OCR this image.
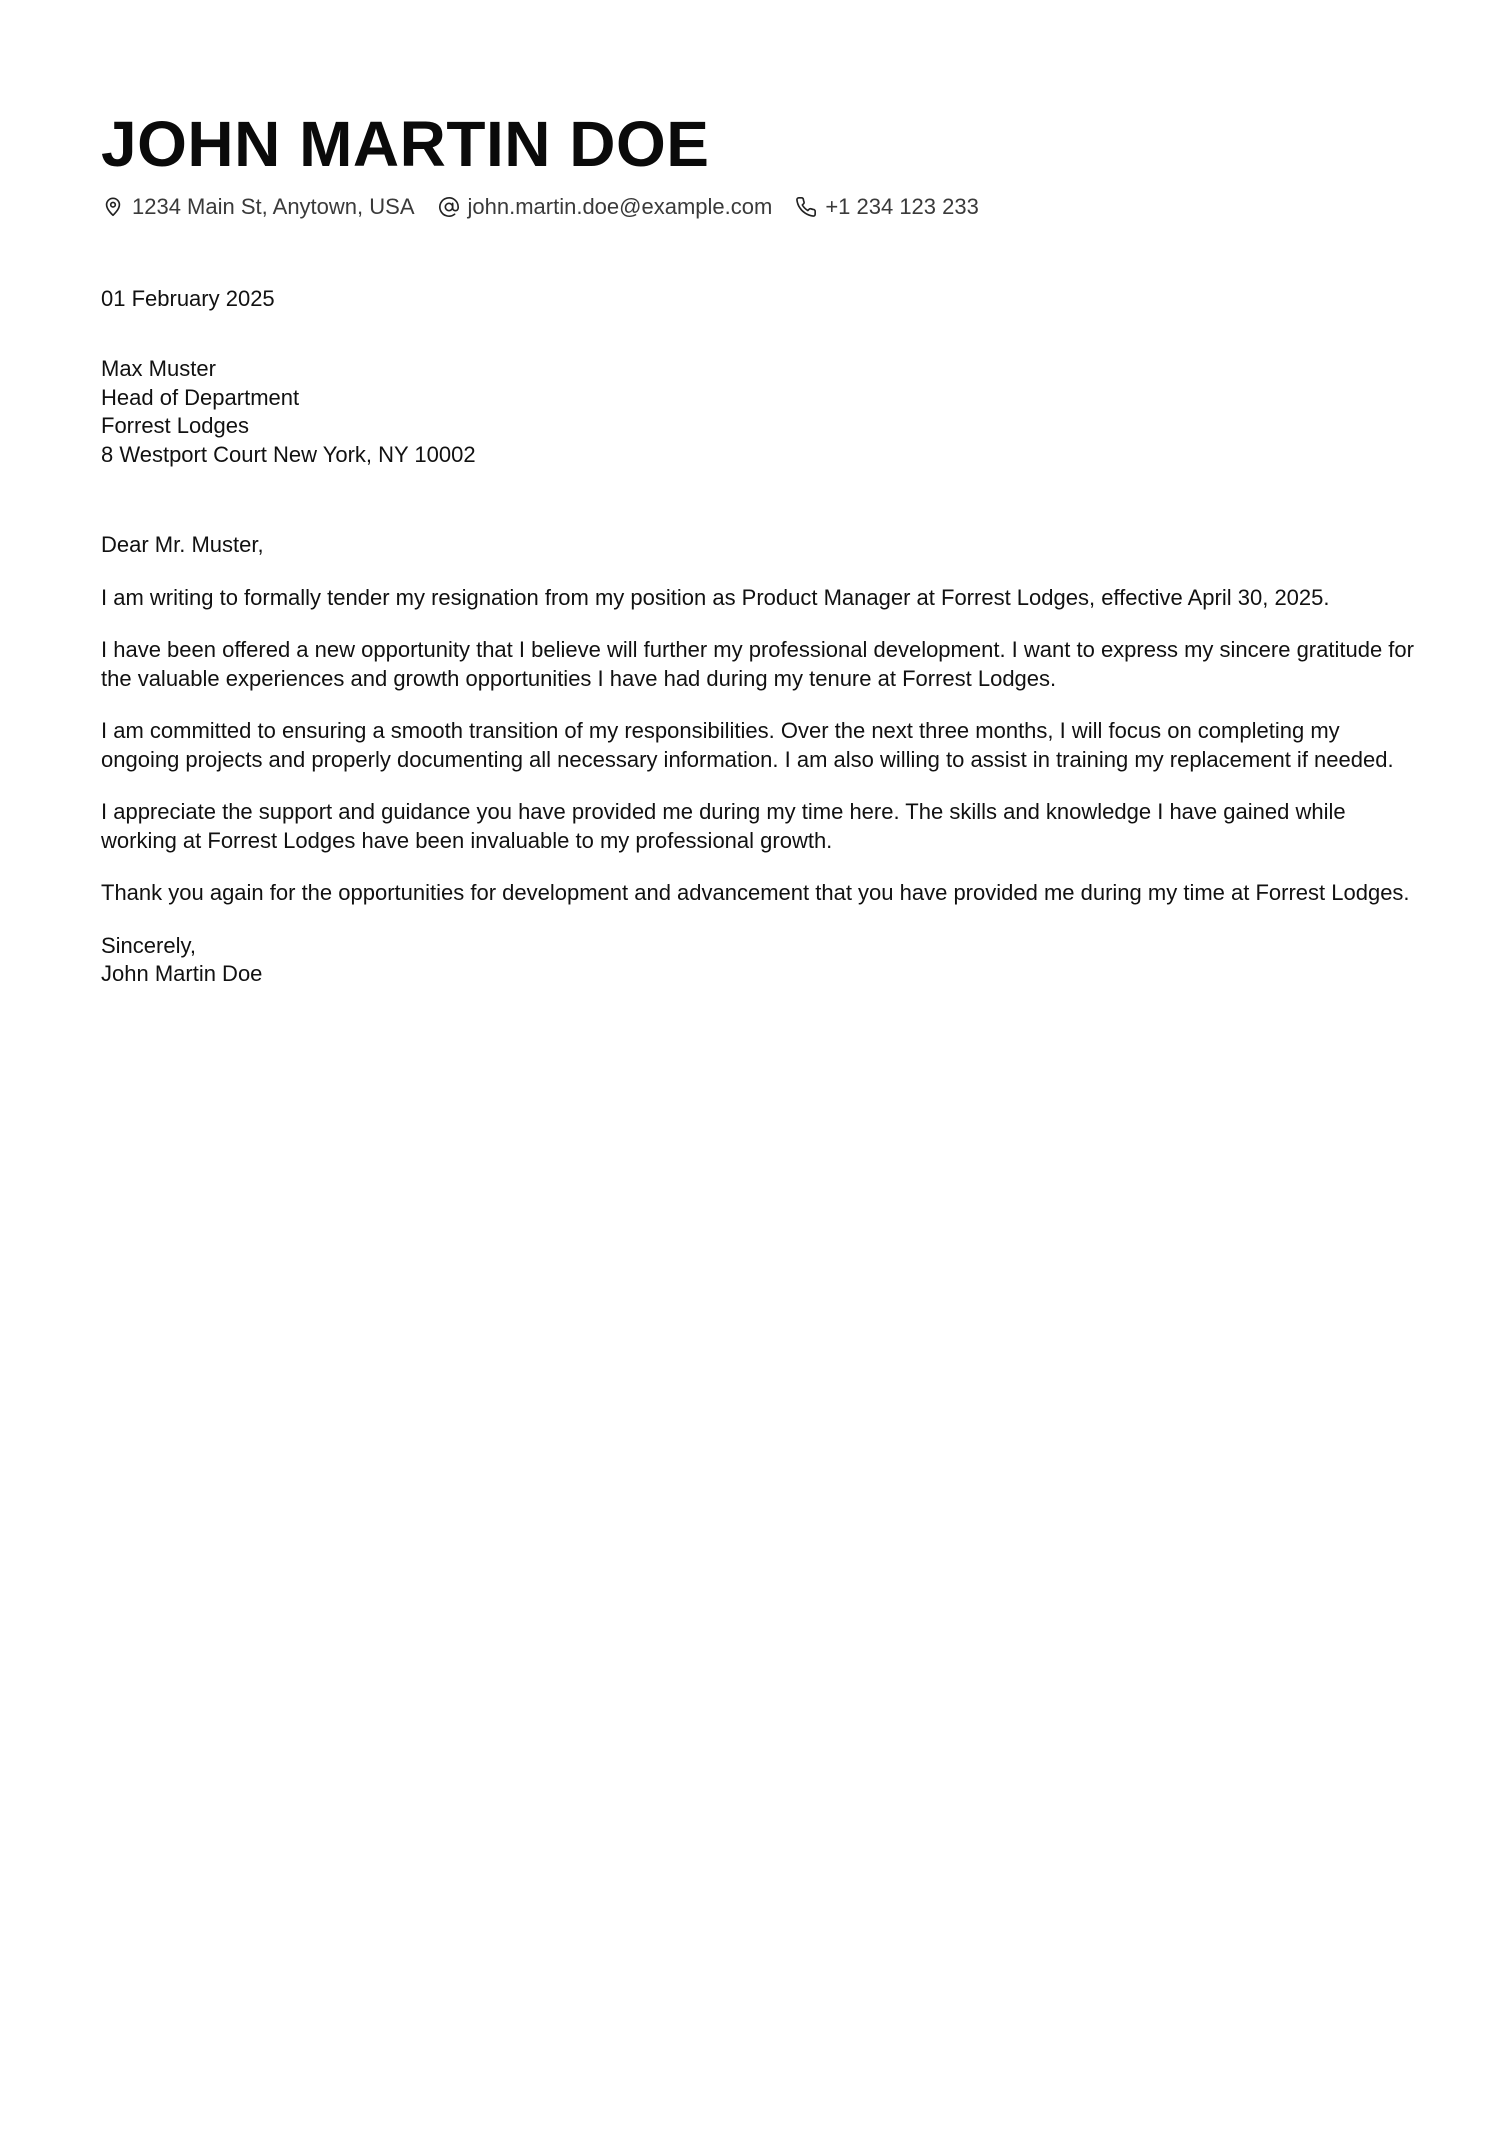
JOHN MARTIN DOE
1234 Main St, Anytown, USA john.martin.doe@example.com +1 234 123 233
01 February 2025
Max Muster
Head of Department
Forrest Lodges
8 Westport Court New York, NY 10002

Dear Mr. Muster,

I am writing to formally tender my resignation from my position as Product Manager at Forrest Lodges, effective April 30, 2025.

I have been offered a new opportunity that I believe will further my professional development. I want to express my sincere gratitude for the valuable experiences and growth opportunities I have had during my tenure at Forrest Lodges.

I am committed to ensuring a smooth transition of my responsibilities. Over the next three months, I will focus on completing my ongoing projects and properly documenting all necessary information. I am also willing to assist in training my replacement if needed.

I appreciate the support and guidance you have provided me during my time here. The skills and knowledge I have gained while working at Forrest Lodges have been invaluable to my professional growth.

Thank you again for the opportunities for development and advancement that you have provided me during my time at Forrest Lodges.

Sincerely,
John Martin Doe
